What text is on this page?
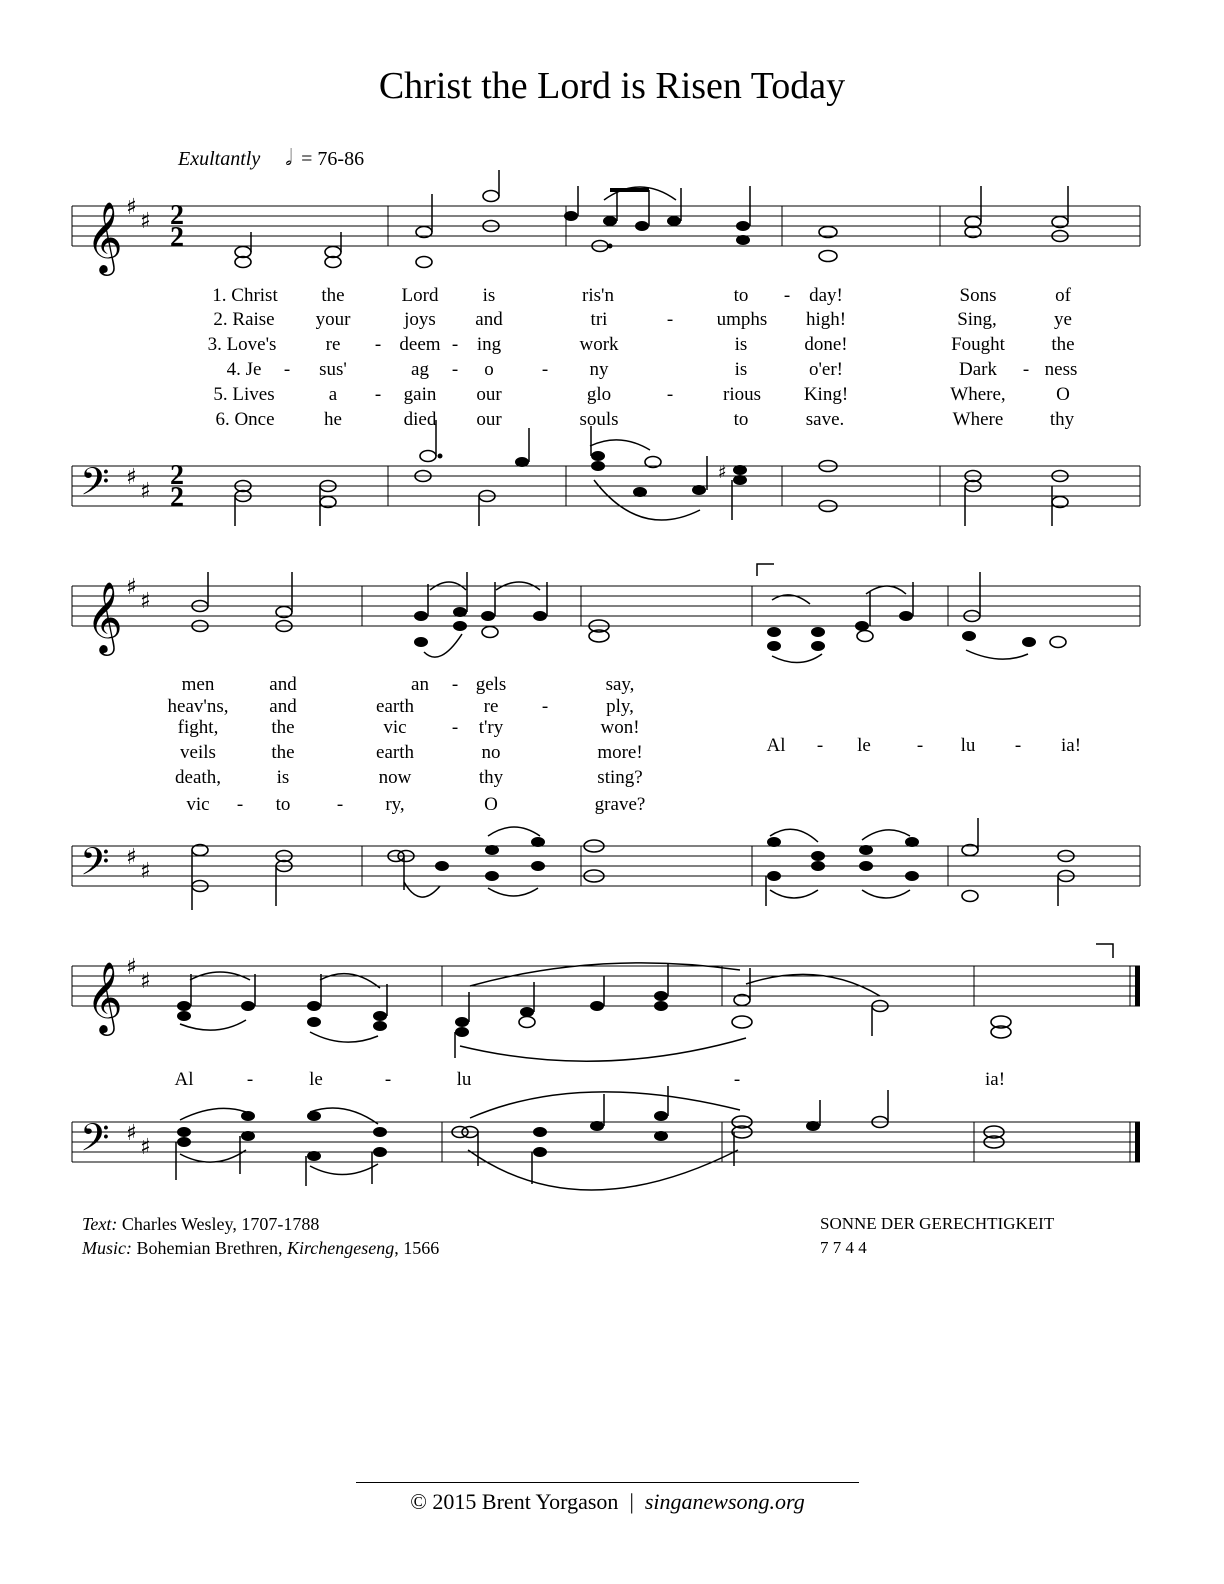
Christ the Lord is Risen Today
Exultantly 𝅗𝅥 = 76-86
𝄞
𝄢
♯
♯
♯
♯
2
2
2
2
♯
1. Christ the	Lord is	ris'n	to - day!	Sons	of
2. Raise your	joys and	tri	- umphs high!	Sing,	ye
3. Love's	re - deem - ing	work	is	done!	Fought the
4. Je - sus'	ag - o	- ny	is	o'er!	Dark - ness
5. Lives	a - gain our	glo	-	rious King!	Where,	O
6. Once	he	died our	souls	to	save.	Where thy
𝄞
𝄢
♯
♯
♯
♯
men	and	an - gels	say,
heav'ns, and	earth	re -	ply,
fight,	the	vic - t'ry	won!
veils	the	earth	no	more!
death,	is	now	thy	sting?
vic - to - ry,	O	grave?
Al - le - lu - ia!
𝄞
𝄢
♯
♯
♯
♯
Al	-	le	-	lu	-	ia!
Text: Charles Wesley, 1707-1788
Music: Bohemian Brethren, Kirchengeseng, 1566
SONNE DER GERECHTIGKEIT
7 7 4 4
© 2015 Brent Yorgason | singanewsong.org
